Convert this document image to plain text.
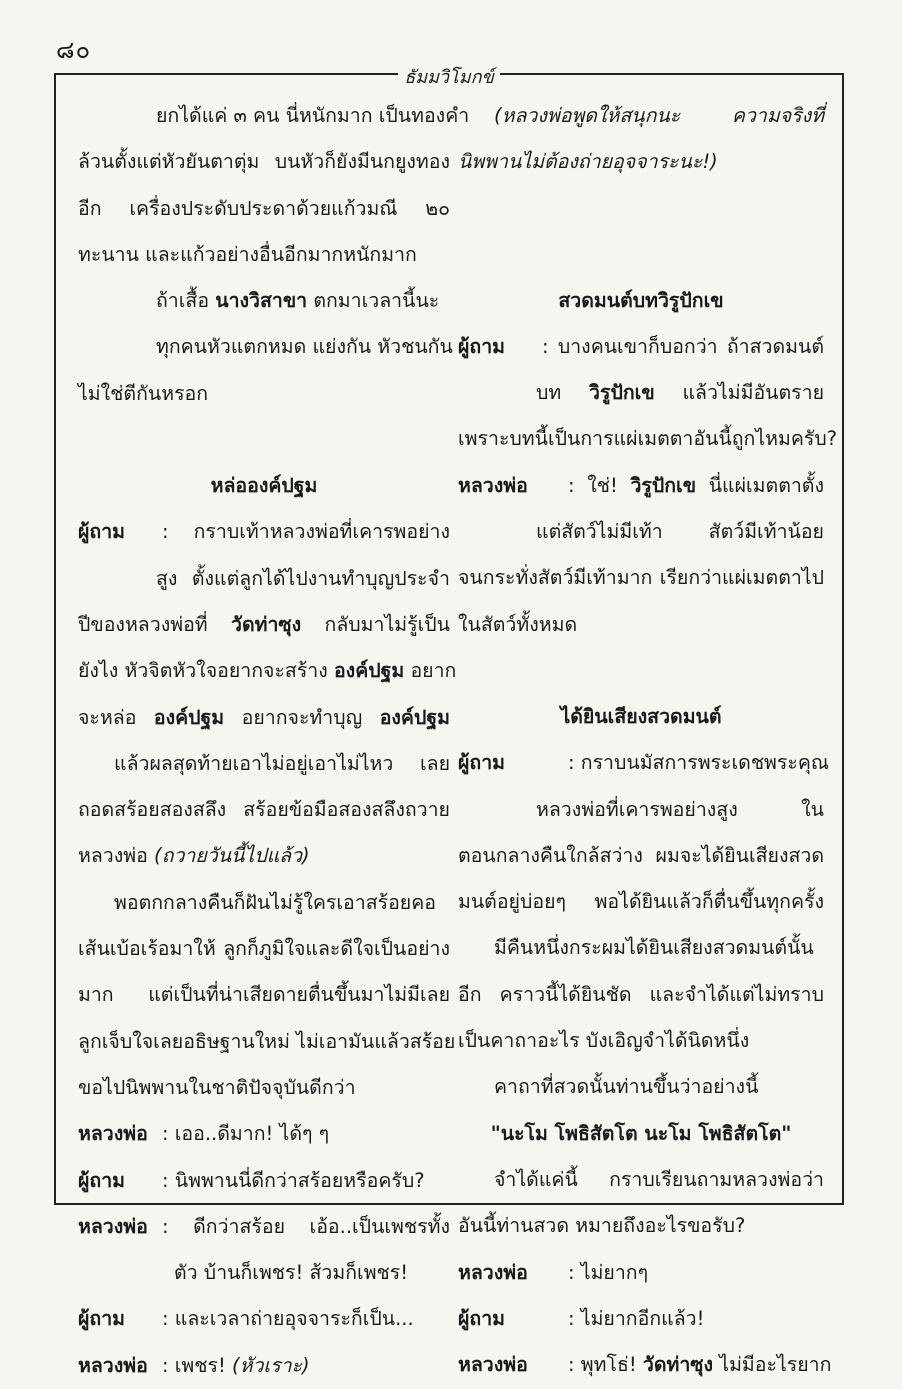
๘๐
ธัมมวิโมกข์
ยกได้แค่ ๓ คน นี่หนักมาก เป็นทองคำ
ล้วนตั้งแต่หัวยันตาตุ่ม บนหัวก็ยังมีนกยูงทอง
อีก เครื่องประดับประดาด้วยแก้วมณี ๒๐
ทะนาน และแก้วอย่างอื่นอีกมากหนักมาก
ถ้าเสื้อ นางวิสาขา ตกมาเวลานี้นะ
ทุกคนหัวแตกหมด แย่งกัน หัวชนกัน
ไม่ใช่ตีกันหรอก
หล่อองค์ปฐม
ผู้ถาม : กราบเท้าหลวงพ่อที่เคารพอย่าง
สูง ตั้งแต่ลูกได้ไปงานทำบุญประจำ
ปีของหลวงพ่อที่ วัดท่าซุง กลับมาไม่รู้เป็น
ยังไง หัวจิตหัวใจอยากจะสร้าง องค์ปฐม อยาก
จะหล่อ องค์ปฐม อยากจะทำบุญ องค์ปฐม
แล้วผลสุดท้ายเอาไม่อยู่เอาไม่ไหว เลย
ถอดสร้อยสองสลึง สร้อยข้อมือสองสลึงถวาย
หลวงพ่อ (ถวายวันนี้ไปแล้ว)
พอตกกลางคืนก็ฝันไม่รู้ใครเอาสร้อยคอ
เส้นเบ้อเร้อมาให้ ลูกก็ภูมิใจและดีใจเป็นอย่าง
มาก แต่เป็นที่น่าเสียดายตื่นขึ้นมาไม่มีเลย
ลูกเจ็บใจเลยอธิษฐานใหม่ ไม่เอามันแล้วสร้อย
ขอไปนิพพานในชาติปัจจุบันดีกว่า
หลวงพ่อ : เออ..ดีมาก! ได้ๆ ๆ
ผู้ถาม : นิพพานนี่ดีกว่าสร้อยหรือครับ?
หลวงพ่อ : ดีกว่าสร้อย เอ้อ..เป็นเพชรทั้ง
ตัว บ้านก็เพชร! ส้วมก็เพชร!
ผู้ถาม : และเวลาถ่ายอุจจาระก็เป็น...
หลวงพ่อ : เพชร! (หัวเราะ)
(หลวงพ่อพูดให้สนุกนะ ความจริงที่
นิพพานไม่ต้องถ่ายอุจจาระนะ!)
สวดมนต์บทวิรูปักเข
ผู้ถาม : บางคนเขาก็บอกว่า ถ้าสวดมนต์
บท วิรูปักเข แล้วไม่มีอันตราย
เพราะบทนี้เป็นการแผ่เมตตาอันนี้ถูกไหมครับ?
หลวงพ่อ : ใช่! วิรูปักเข นี่แผ่เมตตาตั้ง
แต่สัตว์ไม่มีเท้า สัตว์มีเท้าน้อย
จนกระทั่งสัตว์มีเท้ามาก เรียกว่าแผ่เมตตาไป
ในสัตว์ทั้งหมด
ได้ยินเสียงสวดมนต์
ผู้ถาม	: กราบนมัสการพระเดชพระคุณ
หลวงพ่อที่เคารพอย่างสูง ใน
ตอนกลางคืนใกล้สว่าง ผมจะได้ยินเสียงสวด
มนต์อยู่บ่อยๆ พอได้ยินแล้วก็ตื่นขึ้นทุกครั้ง
มีคืนหนึ่งกระผมได้ยินเสียงสวดมนต์นั้น
อีก คราวนี้ได้ยินชัด และจำได้แต่ไม่ทราบ
เป็นคาถาอะไร บังเอิญจำได้นิดหนึ่ง
คาถาที่สวดนั้นท่านขึ้นว่าอย่างนี้
"นะโม โพธิสัตโต นะโม โพธิสัตโต"
จำได้แค่นี้ กราบเรียนถามหลวงพ่อว่า
อันนี้ท่านสวด หมายถึงอะไรขอรับ?
หลวงพ่อ : ไม่ยากๆ
ผู้ถาม	: ไม่ยากอีกแล้ว!
หลวงพ่อ : พุทโธ่! วัดท่าซุง ไม่มีอะไรยาก
